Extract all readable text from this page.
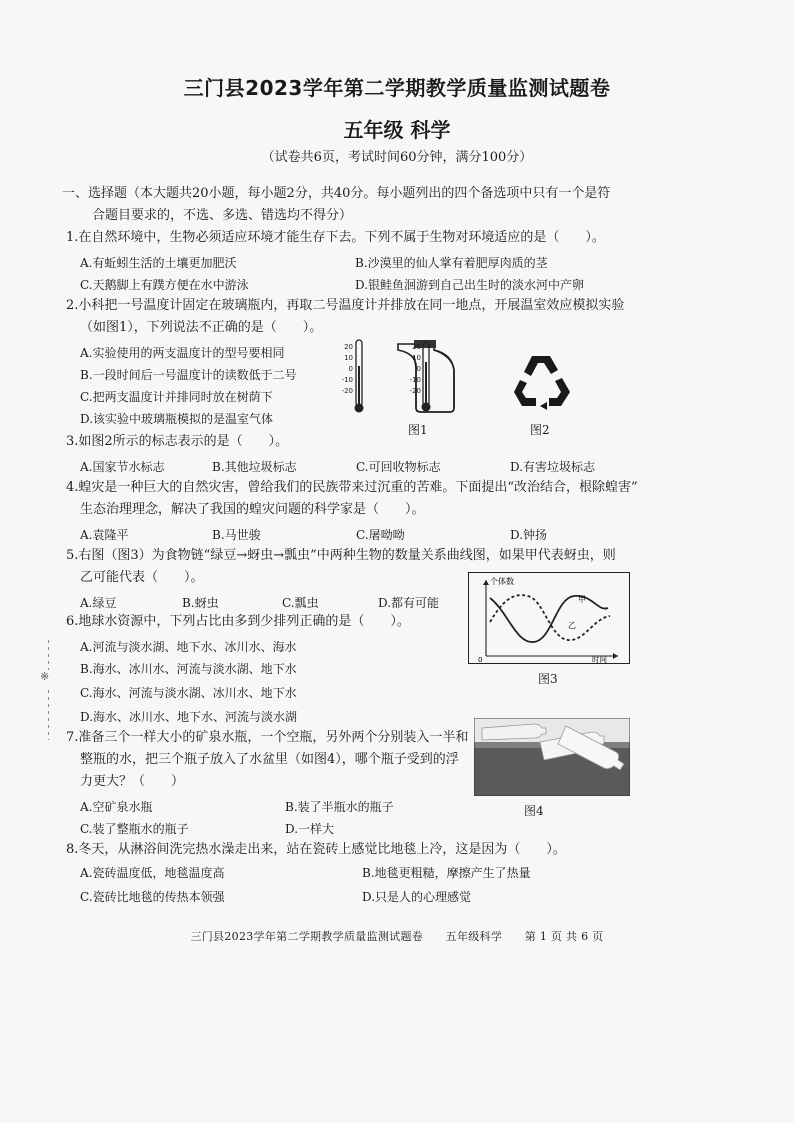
三门县2023学年第二学期教学质量监测试题卷
五年级 科学
（试卷共6页，考试时间60分钟，满分100分）
※
一、选择题（本大题共20小题，每小题2分，共40分。每小题列出的四个备选项中只有一个是符
合题目要求的，不选、多选、错选均不得分）
1.在自然环境中，生物必须适应环境才能生存下去。下列不属于生物对环境适应的是（　　）。
A.有蚯蚓生活的土壤更加肥沃	B.沙漠里的仙人掌有着肥厚肉质的茎
C.天鹅脚上有蹼方便在水中游泳	D.银鲑鱼洄游到自己出生时的淡水河中产卵
2.小科把一号温度计固定在玻璃瓶内，再取二号温度计并排放在同一地点，开展温室效应模拟实验
（如图1），下列说法不正确的是（　　）。
A.实验使用的两支温度计的型号要相同
B.一段时间后一号温度计的读数低于二号
C.把两支温度计并排同时放在树荫下
D.该实验中玻璃瓶模拟的是温室气体
20
10
0
-10
-20
20
10
0
-10
-20
图1	图2
3.如图2所示的标志表示的是（　　）。
A.国家节水标志	B.其他垃圾标志	C.可回收物标志	D.有害垃圾标志
4.蝗灾是一种巨大的自然灾害，曾给我们的民族带来过沉重的苦难。下面提出“改治结合，根除蝗害”
生态治理理念，解决了我国的蝗灾问题的科学家是（　　）。
A.袁隆平	B.马世骏	C.屠呦呦	D.钟扬
5.右图（图3）为食物链“绿豆→蚜虫→瓢虫”中两种生物的数量关系曲线图，如果甲代表蚜虫，则
乙可能代表（　　）。
A.绿豆	B.蚜虫	C.瓢虫	D.都有可能
个体数
时间
0
甲
乙
图3
6.地球水资源中，下列占比由多到少排列正确的是（　　）。
A.河流与淡水湖、地下水、冰川水、海水
B.海水、冰川水、河流与淡水湖、地下水
C.海水、河流与淡水湖、冰川水、地下水
D.海水、冰川水、地下水、河流与淡水湖
7.准备三个一样大小的矿泉水瓶，一个空瓶，另外两个分别装入一半和
整瓶的水，把三个瓶子放入了水盆里（如图4），哪个瓶子受到的浮
力更大？（　　）
A.空矿泉水瓶	B.装了半瓶水的瓶子
C.装了整瓶水的瓶子	D.一样大
图4
8.冬天，从淋浴间洗完热水澡走出来，站在瓷砖上感觉比地毯上冷，这是因为（　　）。
A.瓷砖温度低，地毯温度高	B.地毯更粗糙，摩擦产生了热量
C.瓷砖比地毯的传热本领强	D.只是人的心理感觉
三门县2023学年第二学期教学质量监测试题卷　　五年级科学　　第 1 页 共 6 页
